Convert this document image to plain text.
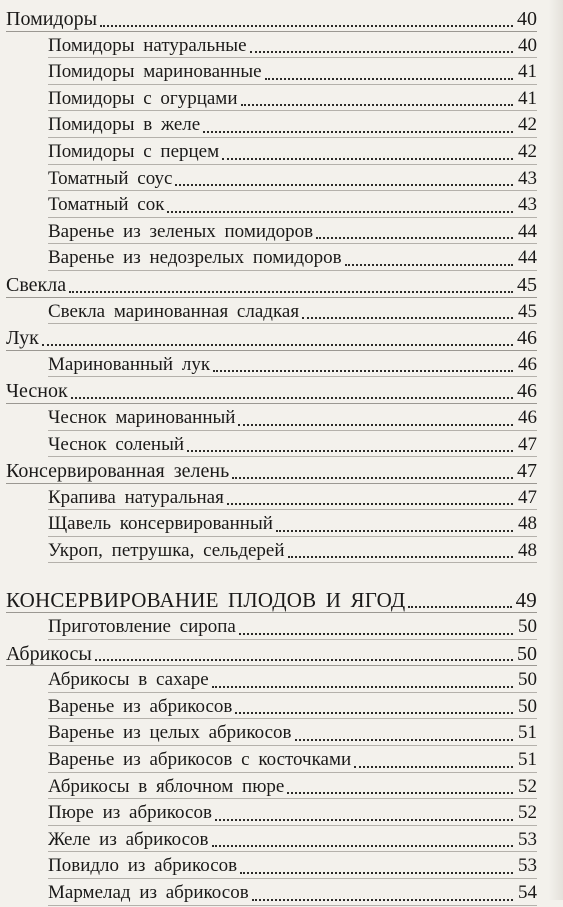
Помидоры	40
Помидоры натуральные	40
Помидоры маринованные	41
Помидоры с огурцами	41
Помидоры в желе	42
Помидоры с перцем	42
Томатный соус	43
Томатный сок	43
Варенье из зеленых помидоров	44
Варенье из недозрелых помидоров	44
Свекла	45
Свекла маринованная сладкая	45
Лук	46
Маринованный лук	46
Чеснок	46
Чеснок маринованный	46
Чеснок соленый	47
Консервированная зелень	47
Крапива натуральная	47
Щавель консервированный	48
Укроп, петрушка, сельдерей	48
КОНСЕРВИРОВАНИЕ ПЛОДОВ И ЯГОД	49
Приготовление сиропа	50
Абрикосы	50
Абрикосы в сахаре	50
Варенье из абрикосов	50
Варенье из целых абрикосов	51
Варенье из абрикосов с косточками	51
Абрикосы в яблочном пюре	52
Пюре из абрикосов	52
Желе из абрикосов	53
Повидло из абрикосов	53
Мармелад из абрикосов	54
